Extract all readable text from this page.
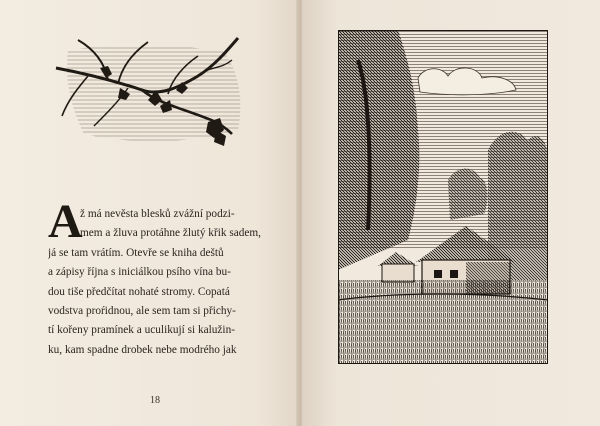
A
ž má nevěsta blesků zvážní podzi-
mem a žluva protáhne žlutý křik sadem,
já se tam vrátím. Otevře se kniha deštů
a zápisy října s iniciálkou psího vína bu-
dou tiše předčítat nohaté stromy. Copatá
vodstva proŕidnou, ale sem tam si přichy-
tí kořeny pramínek a uculikují si kalužin-
ku, kam spadne drobek nebe modrého jak
18
